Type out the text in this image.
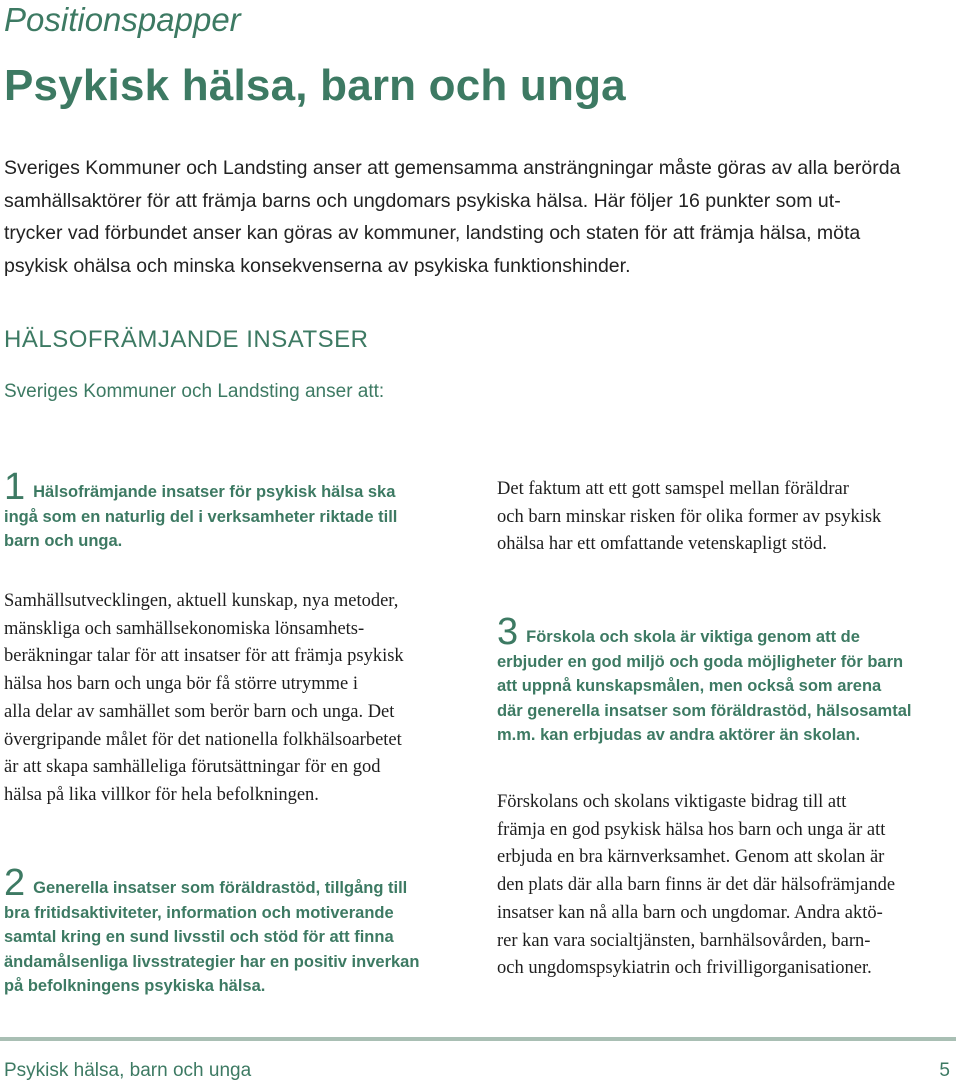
Positionspapper
Psykisk hälsa, barn och unga
Sveriges Kommuner och Landsting anser att gemensamma ansträngningar måste göras av alla berörda
samhällsaktörer för att främja barns och ungdomars psykiska hälsa. Här följer 16 punkter som ut-
trycker vad förbundet anser kan göras av kommuner, landsting och staten för att främja hälsa, möta
psykisk ohälsa och minska konsekvenserna av psykiska funktionshinder.
HÄLSOFRÄMJANDE INSATSER
Sveriges Kommuner och Landsting anser att:
1 Hälsofrämjande insatser för psykisk hälsa ska
ingå som en naturlig del i verksamheter riktade till
barn och unga.
Samhällsutvecklingen, aktuell kunskap, nya metoder,
mänskliga och samhällsekonomiska lönsamhets-
beräkningar talar för att insatser för att främja psykisk
hälsa hos barn och unga bör få större utrymme i
alla delar av samhället som berör barn och unga. Det
övergripande målet för det nationella folkhälsoarbetet
är att skapa samhälleliga förutsättningar för en god
hälsa på lika villkor för hela befolkningen.
2 Generella insatser som föräldrastöd, tillgång till
bra fritidsaktiviteter, information och motiverande
samtal kring en sund livsstil och stöd för att finna
ändamålsenliga livsstrategier har en positiv inverkan
på befolkningens psykiska hälsa.
Det faktum att ett gott samspel mellan föräldrar
och barn minskar risken för olika former av psykisk
ohälsa har ett omfattande vetenskapligt stöd.
3 Förskola och skola är viktiga genom att de
erbjuder en god miljö och goda möjligheter för barn
att uppnå kunskapsmålen, men också som arena
där generella insatser som föräldrastöd, hälsosamtal
m.m. kan erbjudas av andra aktörer än skolan.
Förskolans och skolans viktigaste bidrag till att
främja en god psykisk hälsa hos barn och unga är att
erbjuda en bra kärnverksamhet. Genom att skolan är
den plats där alla barn finns är det där hälsofrämjande
insatser kan nå alla barn och ungdomar. Andra aktö-
rer kan vara socialtjänsten, barnhälsovården, barn-
och ungdomspsykiatrin och frivilligorganisationer.
Psykisk hälsa, barn och unga	5
